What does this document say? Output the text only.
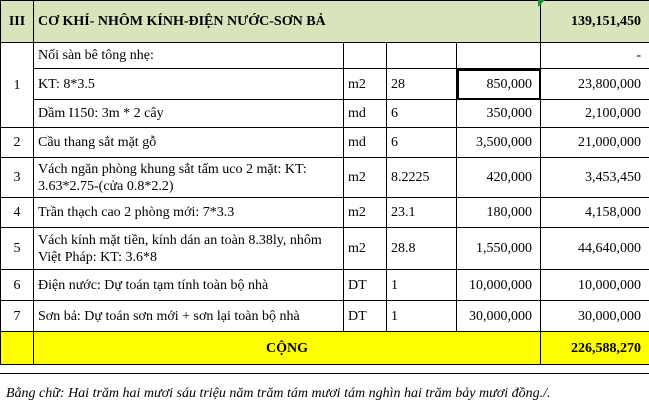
III	CƠ KHÍ- NHÔM KÍNH-ĐIỆN NƯỚC-SƠN BẢ				139,151,450
1	Nối sàn bê tông nhẹ:				-
	KT: 8*3.5	m2	28	850,000	23,800,000
	Dầm I150: 3m * 2 cây	md	6	350,000	2,100,000
2	Cầu thang sắt mặt gỗ	md	6	3,500,000	21,000,000
3	Vách ngăn phòng khung sắt tấm uco 2 mặt: KT: 3.63*2.75-(cửa 0.8*2.2)	m2	8.2225	420,000	3,453,450
4	Trần thạch cao 2 phòng mới: 7*3.3	m2	23.1	180,000	4,158,000
5	Vách kính mặt tiền, kính dán an toàn 8.38ly, nhôm Việt Pháp: KT: 3.6*8	m2	28.8	1,550,000	44,640,000
6	Điện nước: Dự toán tạm tính toàn bộ nhà	DT	1	10,000,000	10,000,000
7	Sơn bả: Dự toán sơn mới + sơn lại toàn bộ nhà	DT	1	30,000,000	30,000,000
	CỘNG				226,588,270
Bằng chữ: Hai trăm hai mươi sáu triệu năm trăm tám mươi tám nghìn hai trăm bảy mươi đồng./.
